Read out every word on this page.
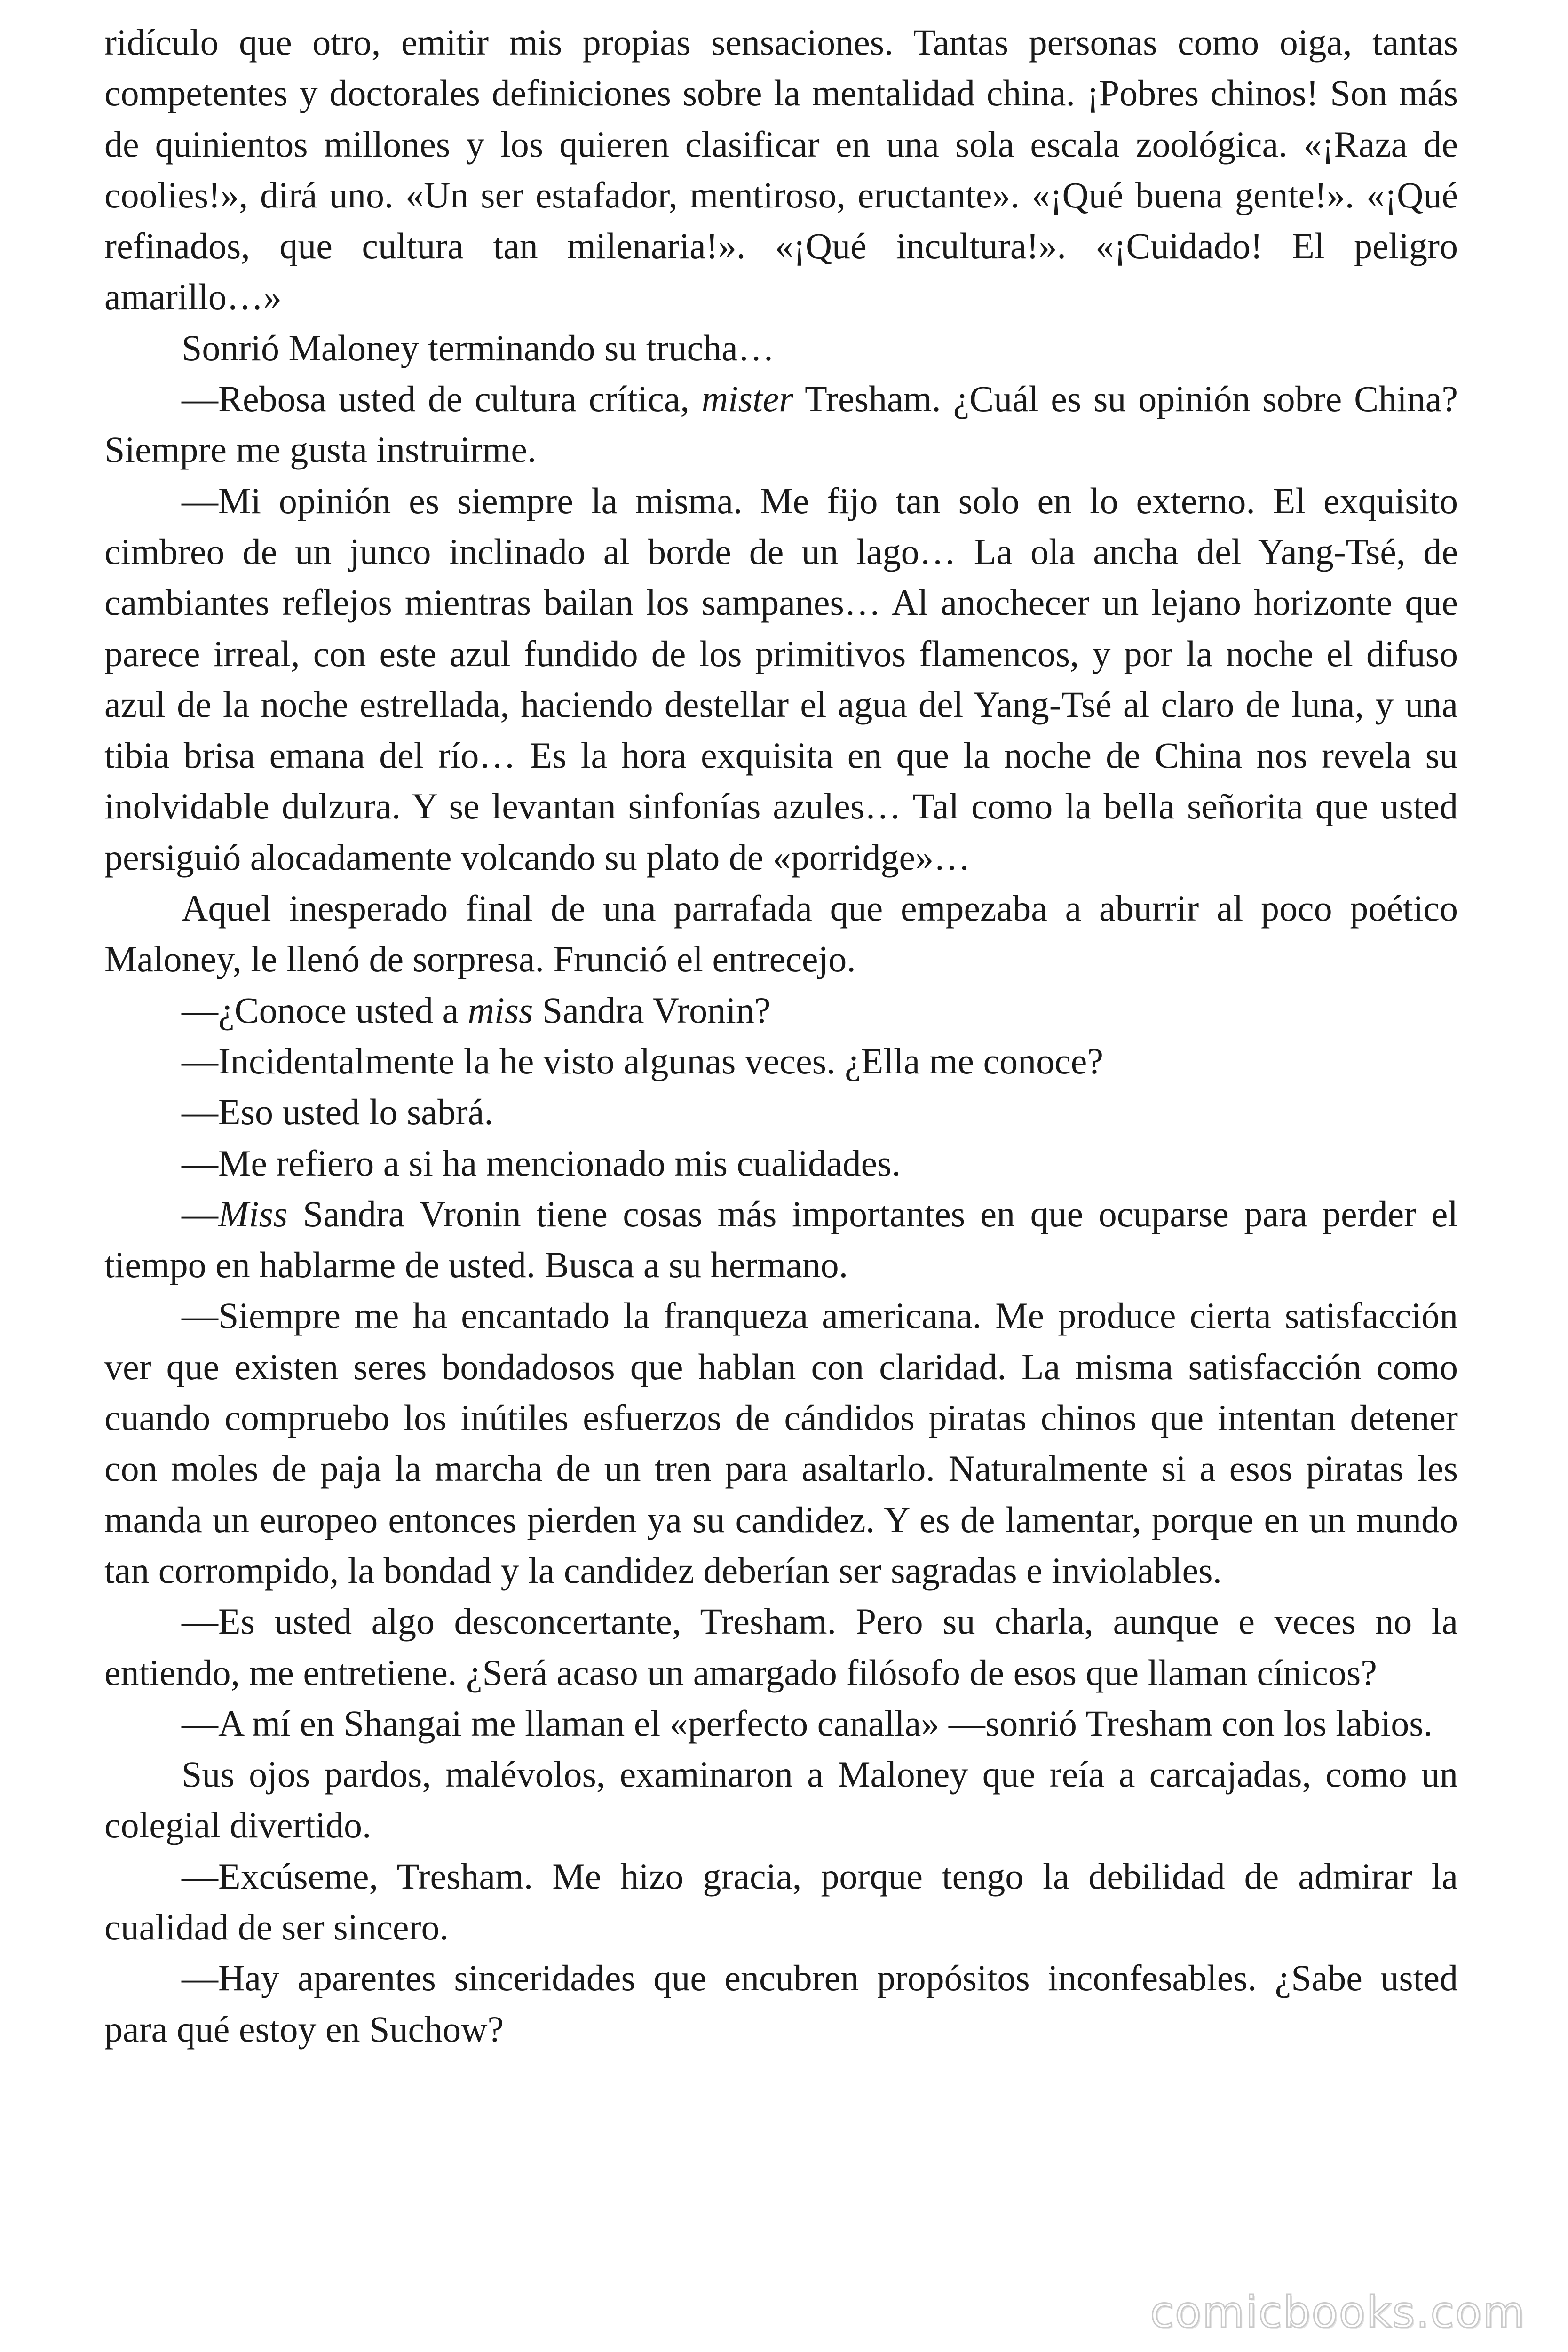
ridículo que otro, emitir mis propias sensaciones. Tantas personas como oiga, tantas competentes y doctorales definiciones sobre la mentalidad china. ¡Pobres chinos! Son más de quinientos millones y los quieren clasificar en una sola escala zoológica. «¡Raza de coolies!», dirá uno. «Un ser estafador, mentiroso, eructante». «¡Qué buena gente!». «¡Qué refinados, que cultura tan milenaria!». «¡Qué incultura!». «¡Cuidado! El peligro amarillo…»

Sonrió Maloney terminando su trucha…

—Rebosa usted de cultura crítica, mister Tresham. ¿Cuál es su opinión sobre China? Siempre me gusta instruirme.

—Mi opinión es siempre la misma. Me fijo tan solo en lo externo. El exquisito cimbreo de un junco inclinado al borde de un lago… La ola ancha del Yang-Tsé, de cambiantes reflejos mientras bailan los sampanes… Al anochecer un lejano horizonte que parece irreal, con este azul fundido de los primitivos flamencos, y por la noche el difuso azul de la noche estrellada, haciendo destellar el agua del Yang-Tsé al claro de luna, y una tibia brisa emana del río… Es la hora exquisita en que la noche de China nos revela su inolvidable dulzura. Y se levantan sinfonías azules… Tal como la bella señorita que usted persiguió alocadamente volcando su plato de «porridge»…

Aquel inesperado final de una parrafada que empezaba a aburrir al poco poético Maloney, le llenó de sorpresa. Frunció el entrecejo.

—¿Conoce usted a miss Sandra Vronin?

—Incidentalmente la he visto algunas veces. ¿Ella me conoce?

—Eso usted lo sabrá.

—Me refiero a si ha mencionado mis cualidades.

—Miss Sandra Vronin tiene cosas más importantes en que ocuparse para perder el tiempo en hablarme de usted. Busca a su hermano.

—Siempre me ha encantado la franqueza americana. Me produce cierta satisfacción ver que existen seres bondadosos que hablan con claridad. La misma satisfacción como cuando compruebo los inútiles esfuerzos de cándidos piratas chinos que intentan detener con moles de paja la marcha de un tren para asaltarlo. Naturalmente si a esos piratas les manda un europeo entonces pierden ya su candidez. Y es de lamentar, porque en un mundo tan corrompido, la bondad y la candidez deberían ser sagradas e inviolables.

—Es usted algo desconcertante, Tresham. Pero su charla, aunque e veces no la entiendo, me entretiene. ¿Será acaso un amargado filósofo de esos que llaman cínicos?

—A mí en Shangai me llaman el «perfecto canalla» —sonrió Tresham con los labios.

Sus ojos pardos, malévolos, examinaron a Maloney que reía a carcajadas, como un colegial divertido.

—Excúseme, Tresham. Me hizo gracia, porque tengo la debilidad de admirar la cualidad de ser sincero.

—Hay aparentes sinceridades que encubren propósitos inconfesables. ¿Sabe usted para qué estoy en Suchow?

comicbooks.com
